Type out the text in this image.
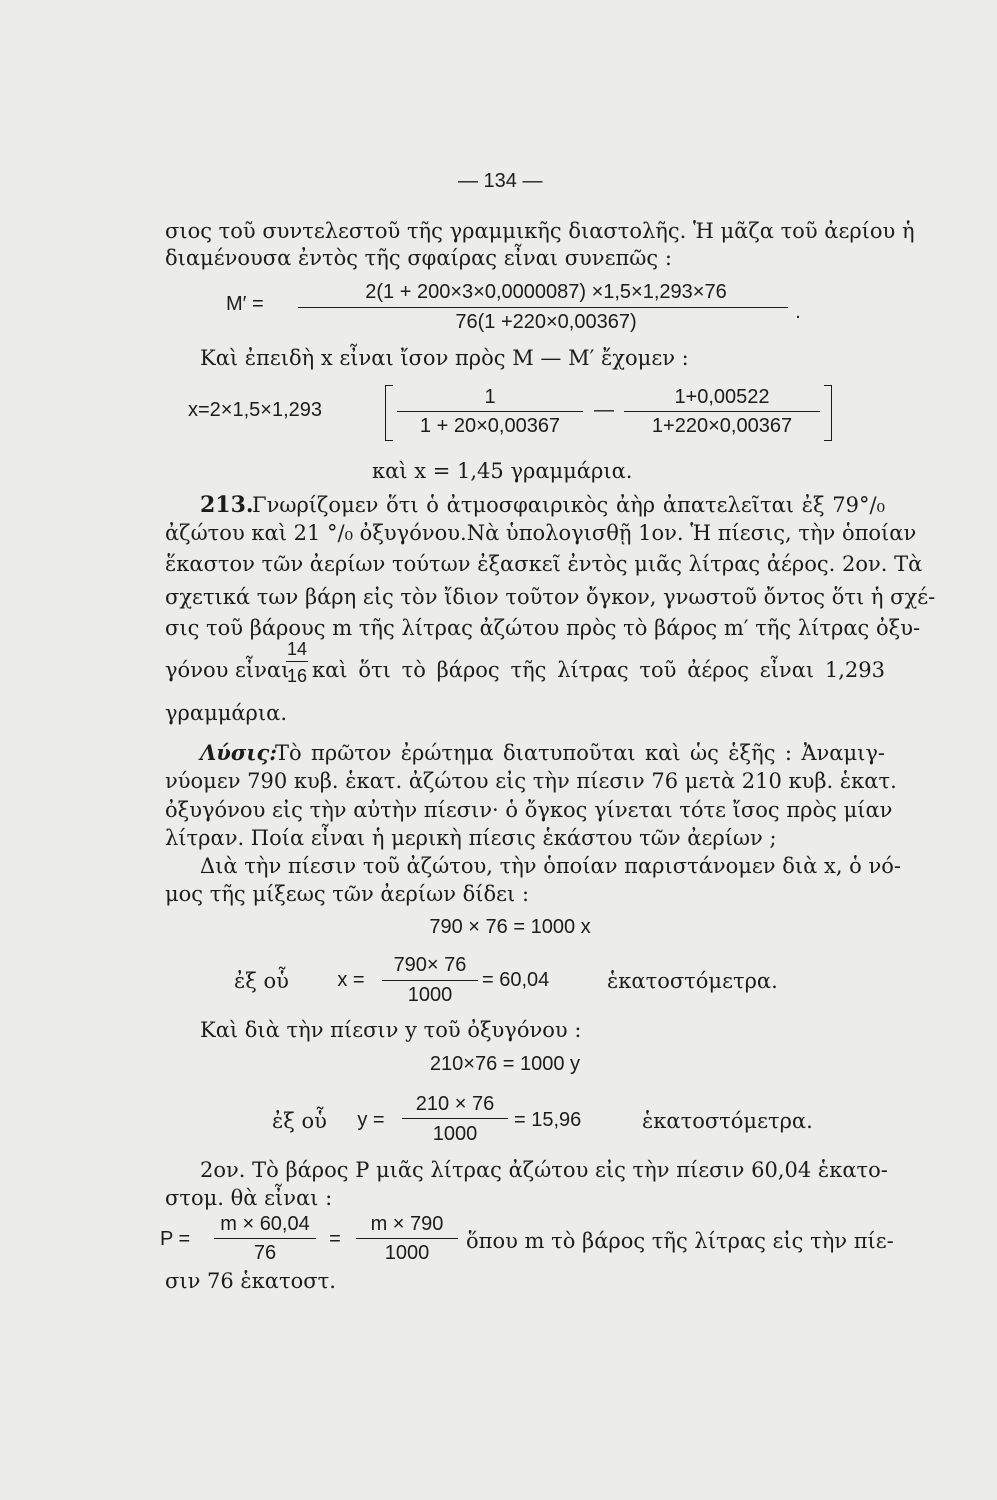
— 134 —
σιος τοῦ συντελεστοῦ τῆς γραμμικῆς διαστολῆς. Ἡ μᾶζα τοῦ ἀερίου ἡ
διαμένουσα ἐντὸς τῆς σφαίρας εἶναι συνεπῶς :
M′ =
2(1 + 200×3×0,0000087) ×1,5×1,293×76
76(1 +220×0,00367)	.
Καὶ ἐπειδὴ x εἶναι ἴσον πρὸς M — M′ ἔχομεν :
x=2×1,5×1,293
1
1 + 20×0,00367
—
1+0,00522
1+220×0,00367
καὶ x = 1,45 γραμμάρια.
213.
Γνωρίζομεν ὅτι ὁ ἀτμοσφαιρικὸς ἀὴρ ἀπατελεῖται ἐξ 79°/₀
ἀζώτου καὶ 21 °/₀ ὀξυγόνου.Νὰ ὑπολογισθῇ 1ον. Ἡ πίεσις, τὴν ὁποίαν
ἕκαστον τῶν ἀερίων τούτων ἐξασκεῖ ἐντὸς μιᾶς λίτρας ἀέρος. 2ον. Τὰ
σχετικά των βάρη εἰς τὸν ἴδιον τοῦτον ὄγκον, γνωστοῦ ὄντος ὅτι ἡ σχέ-
σις τοῦ βάρους m τῆς λίτρας ἀζώτου πρὸς τὸ βάρος m′ τῆς λίτρας ὀξυ-
γόνου εἶναι
14
16 καὶ ὅτι τὸ βάρος τῆς λίτρας τοῦ ἀέρος εἶναι 1,293
γραμμάρια.
Λύσις:
Τὸ πρῶτον ἐρώτημα διατυποῦται καὶ ὡς ἑξῆς : Ἀναμιγ-
νύομεν 790 κυβ. ἑκατ. ἀζώτου εἰς τὴν πίεσιν 76 μετὰ 210 κυβ. ἑκατ.
ὀξυγόνου εἰς τὴν αὐτὴν πίεσιν· ὁ ὄγκος γίνεται τότε ἴσος πρὸς μίαν
λίτραν. Ποία εἶναι ἡ μερικὴ πίεσις ἑκάστου τῶν ἀερίων ;
Διὰ τὴν πίεσιν τοῦ ἀζώτου, τὴν ὁποίαν παριστάνομεν διὰ x, ὁ νό-
μος τῆς μίξεως τῶν ἀερίων δίδει :
790 × 76 = 1000 x
ἐξ οὗ	x =
790× 76
1000
= 60,04	ἑκατοστόμετρα.
Καὶ διὰ τὴν πίεσιν y τοῦ ὀξυγόνου :
210×76 = 1000 y
ἐξ οὗ	y =
210 × 76
1000
= 15,96	ἑκατοστόμετρα.
2ον. Τὸ βάρος P μιᾶς λίτρας ἀζώτου εἰς τὴν πίεσιν 60,04 ἑκατο-
στομ. θὰ εἶναι :
P =
m × 60,04
76
=
m × 790
1000	ὅπου m τὸ βάρος τῆς λίτρας εἰς τὴν πίε-
σιν 76 ἑκατοστ.
